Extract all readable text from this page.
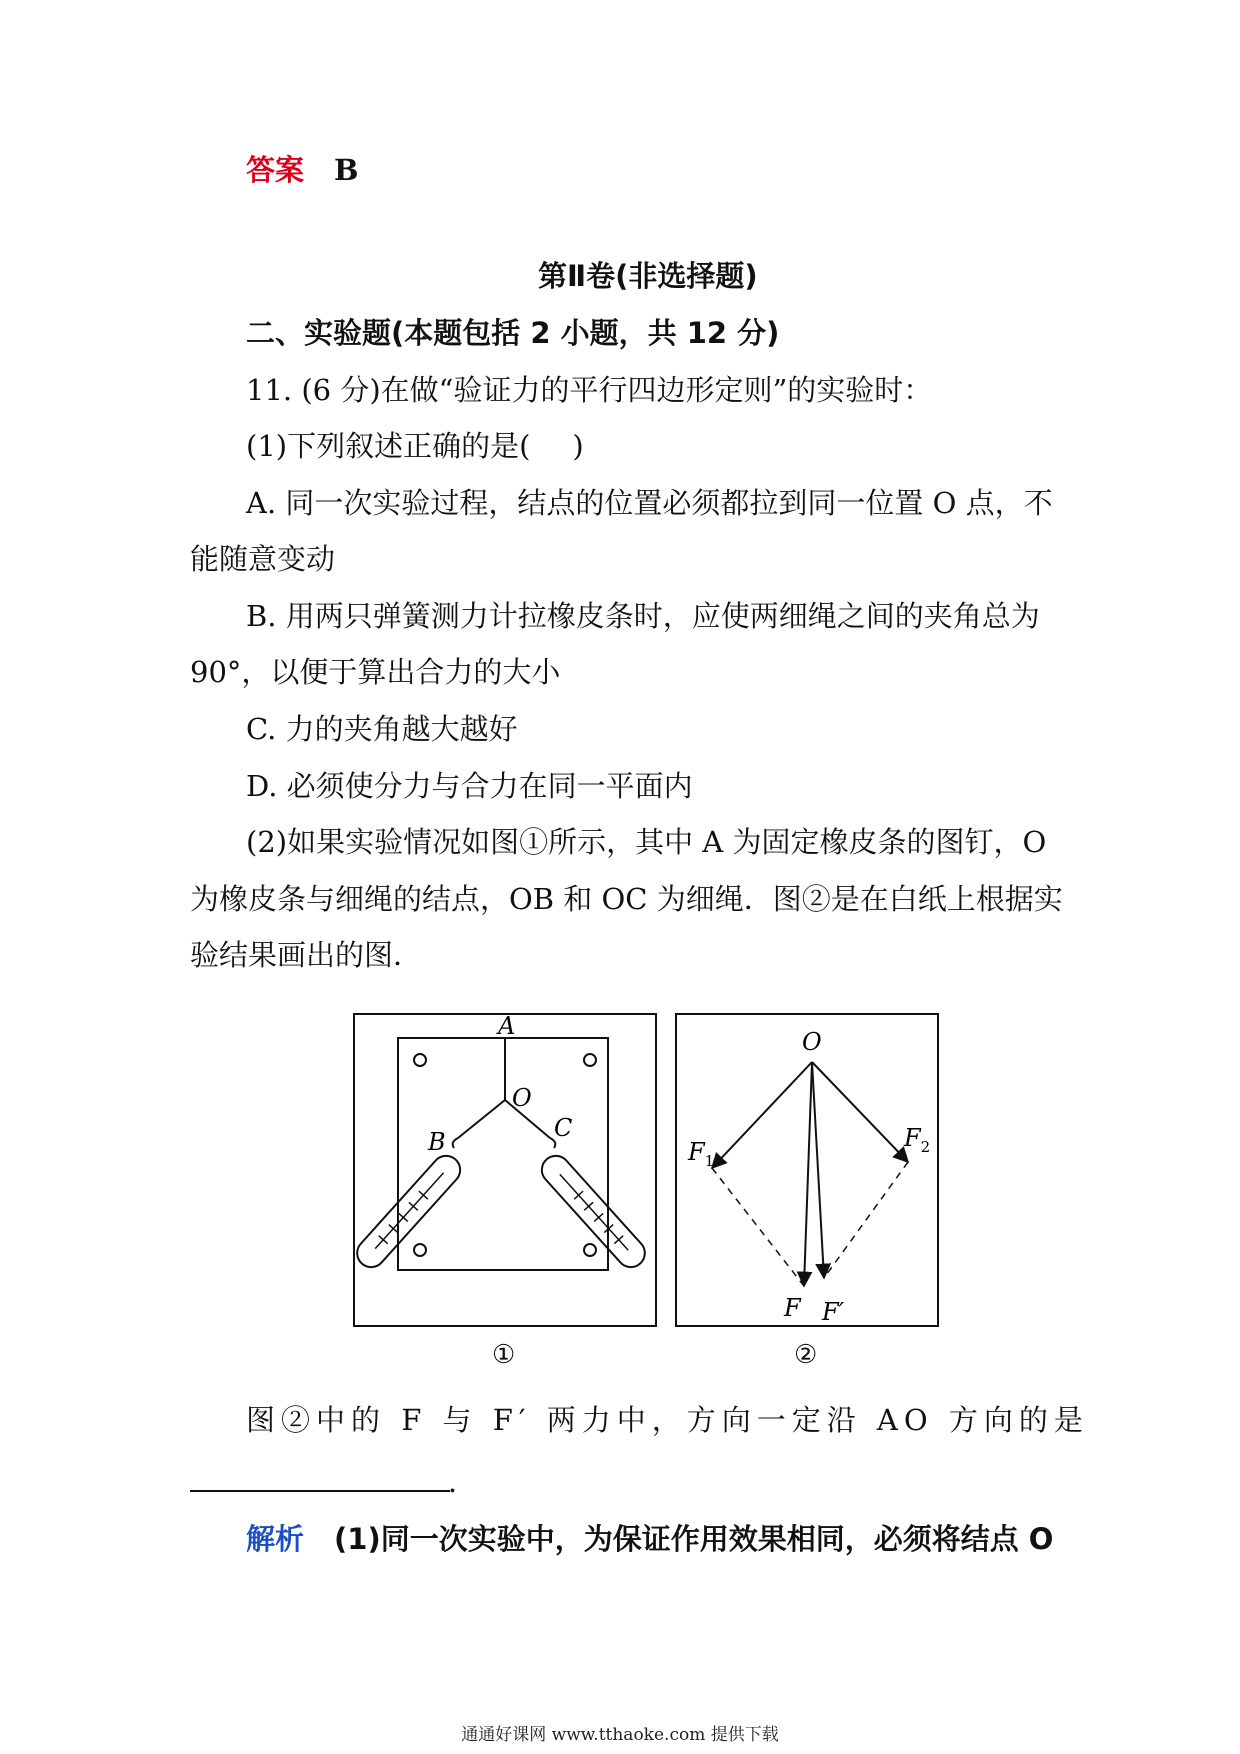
答案 B

第Ⅱ卷(非选择题)

二、实验题(本题包括 2 小题，共 12 分)

11. (6 分)在做“验证力的平行四边形定则”的实验时：

(1)下列叙述正确的是( )

A. 同一次实验过程，结点的位置必须都拉到同一位置 O 点，不

能随意变动

B. 用两只弹簧测力计拉橡皮条时，应使两细绳之间的夹角总为

90°，以便于算出合力的大小

C. 力的夹角越大越好

D. 必须使分力与合力在同一平面内

(2)如果实验情况如图①所示，其中 A 为固定橡皮条的图钉，O

为橡皮条与细绳的结点，OB 和 OC 为细绳．图②是在白纸上根据实

验结果画出的图．

A
O
B	C
①
O
$F_1$
$F_2$
F F′
②

图②中的 F 与 F′ 两力中，方向一定沿 AO 方向的是

．

解析 (1)同一次实验中，为保证作用效果相同，必须将结点 O

通通好课网 www.tthaoke.com 提供下载
